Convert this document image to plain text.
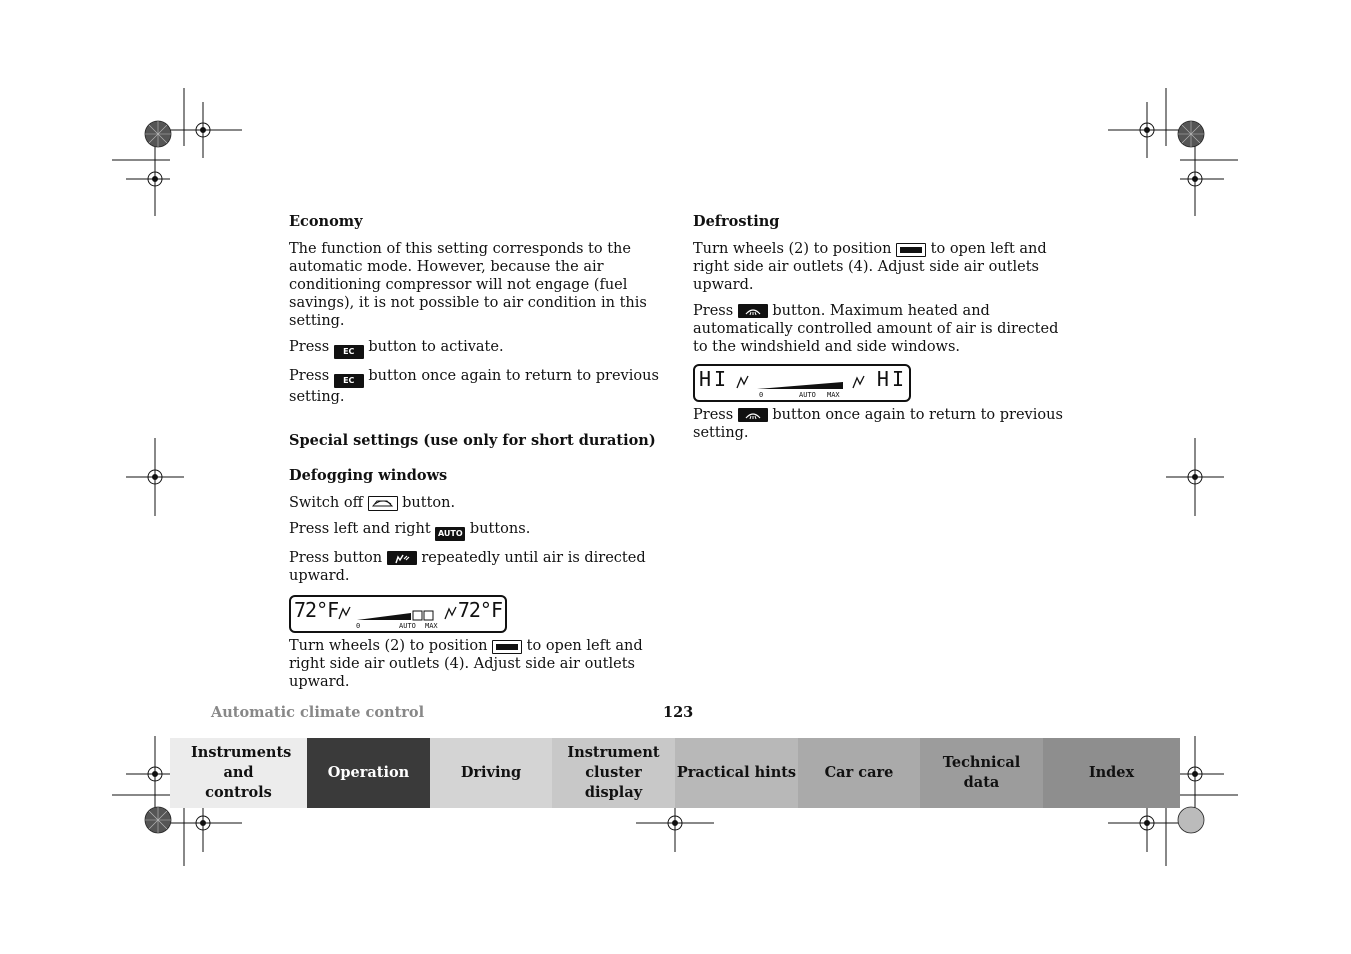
Economy

The function of this setting corresponds to the automatic mode. However, because the air conditioning compressor will not engage (fuel savings), it is not possible to air condition in this setting.

Press EC button to activate.

Press EC button once again to return to previous setting.

Special settings (use only for short duration)
Defogging windows

Switch off	button.

Press left and right AUTO buttons.

Press button	repeatedly until air is directed upward.

72°F	72°F
0	AUTO MAX

Turn wheels (2) to position	to open left and right side air outlets (4). Adjust side air outlets upward.

Defrosting

Turn wheels (2) to position	to open left and right side air outlets (4). Adjust side air outlets upward.

Press	button. Maximum heated and automatically controlled amount of air is directed to the windshield and side windows.

HI	HI
0	AUTO MAX

Press	button once again to return to previous setting.

Automatic climate control	123
Instruments and controls
Operation	Driving
Instrument cluster display
Practical hints Car care
Technical data
Index
